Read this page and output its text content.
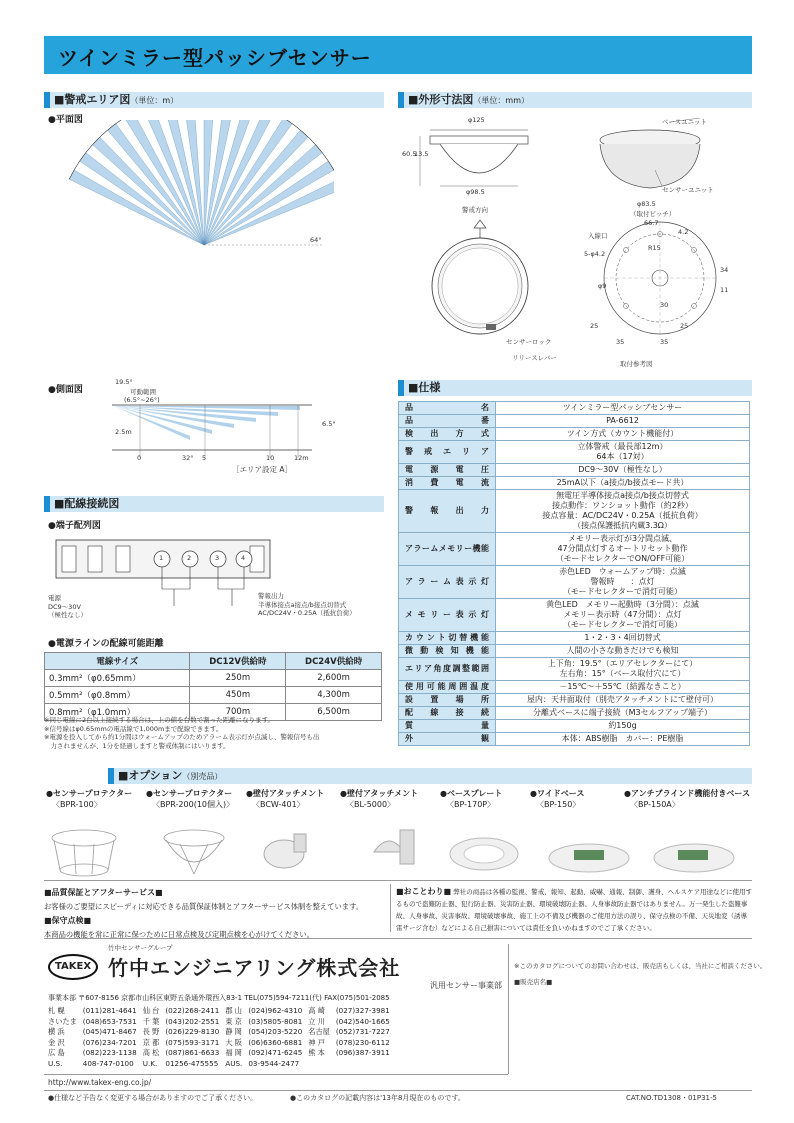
ツインミラー型パッシブセンサー
■警戒エリア図（単位：m）
●平面図
64°
●側面図
19.5°
可動範囲
(6.5°~26°)
6.5°
2.5m
32°
0	5	10	12m
［エリア設定 A］
■外形寸法図（単位：mm）
φ125
60.5
13.5
φ98.5
ベースユニット
センサーユニット
警戒方向
φ83.5
（取付ピッチ）
66.7
4.2
入線口
5-φ4.2
R15
φ9
30
34
11
25	25
35	35
センサーロック
リリースレバー
取付参考図
■仕様
品名	ツインミラー型パッシブセンサー

品番	PA-6612

検出方式	ツイン方式（カウント機能付）

警戒エリア	立体警戒（最長部12m）
64本（17対）

電源電圧	DC9～30V（極性なし）

消費電流	25mA以下（a接点/b接点モード共）

警報出力	無電圧半導体接点a接点/b接点切替式
接点動作：ワンショット動作（約2秒）
接点容量：AC/DC24V・0.25A（抵抗負荷）
（接点保護抵抗内蔵3.3Ω）

アラームメモリー機能	メモリー表示灯が3分間点滅、
47分間点灯するオートリセット動作
（モードセレクターでON/OFF可能）

アラーム表示灯	赤色LED　ウォームアップ時：点滅
警報時　　：点灯
（モードセレクターで消灯可能）

メモリー表示灯	黄色LED　メモリー起動時（3分間）：点滅
メモリー表示時（47分間）：点灯
（モードセレクターで消灯可能）

カウント切替機能	1・2・3・4回切替式

微動検知機能	人間の小さな動きだけでも検知

エリア角度調整範囲	上下角：19.5°（エリアセレクターにて）
左右角：15°（ベース取付穴にて）

使用可能周囲温度	－15℃～＋55℃（結露なきこと）

設置場所	屋内：天井面取付（別売アタッチメントにて壁付可）

配線接続	分離式ベースに端子接続（M3セルフアップ端子）

質量	約150g

外観	本体：ABS樹脂　カバー：PE樹脂
■配線接続図
●端子配列図
1	2	3	4
電源
DC9～30V
（極性なし）
警報出力
半導体接点a接点/b接点切替式
AC/DC24V・0.25A（抵抗負荷）
●電源ラインの配線可能距離
電線サイズ	DC12V供給時	DC24V供給時
0.3mm²（φ0.65mm）	250m	2,600m
0.5mm²（φ0.8mm）	450m	4,300m
0.8mm²（φ1.0mm）	700m	6,500m
※同じ電線に2台以上接続する場合は、上の値を台数で割った距離になります。
※信号線はφ0.65mmの電話線で1,000mまで配線できます。
※電源を投入してから約1分間はウォームアップのためアラーム表示灯が点滅し、警報信号も出
　力されませんが、1分を経過しますと警戒体制にはいります。
■オプション（別売品）
●センサープロテクター
〈BPR-100〉
●センサープロテクター
〈BPR-200(10個入)〉
●壁付アタッチメント
〈BCW-401〉
●壁付アタッチメント
〈BL-5000〉
●ベースプレート
〈BP-170P〉
●ワイドベース
〈BP-150〉
●アンチブラインド機能付きベース
〈BP-150A〉
■品質保証とアフターサービス■
お客様のご要望にスピーディに対応できる品質保証体制とアフターサービス体制を整えています。
■保守点検■
本商品の機能を常に正常に保つために日常点検及び定期点検を心がけてください。
■おことわり■ 弊社の商品は各種の監視、警戒、報知、起動、威嚇、通報、制御、護身、ヘルスケア用途などに使用するもので盗難防止器、犯行防止器、災害防止器、環境破壊防止器、人身事故防止器ではありません。万一発生した盗難事故、人身事故、災害事故、環境破壊事故、施工上の不備及び機器のご使用方法の誤り、保守点検の不備、天災地変（誘導雷サージ含む）などによる自己損害については責任を負いかねますのでご了承ください。
竹中センサーグループ
TAKEX 竹中エンジニアリング株式会社
汎用センサー事業部
事業本部 〒607-8156 京都市山科区東野五条通外環西入83-1 TEL(075)594-7211(代) FAX(075)501-2085
札 幌	(011)281-4641	仙 台	(022)268-2411	郡 山	(024)962-4310	高 崎	(027)327-3981
さいたま	(048)653-7531	千 葉	(043)202-2551	東 京	(03)5805-8081	立 川	(042)540-1665
横 浜	(045)471-8467	長 野	(026)229-8130	静 岡	(054)203-5220	名古屋	(052)731-7227
金 沢	(076)234-7201	京 都	(075)593-3171	大 阪	(06)6360-6881	神 戸	(078)230-6112
広 島	(082)223-1138	高 松	(087)861-6633	福 岡	(092)471-6245	熊 本	(096)387-3911
U.S.	408-747-0100	U.K.	01256-475555	AUS.	03-9544-2477		
※このカタログについてのお問い合わせは、販売店もしくは、当社にご相談ください。
■販売店名■
http://www.takex-eng.co.jp/
●仕様など予告なく変更する場合がありますのでご了承ください。	●このカタログの記載内容は'13年8月現在のものです。	CAT.NO.TD1308・01P31-5
